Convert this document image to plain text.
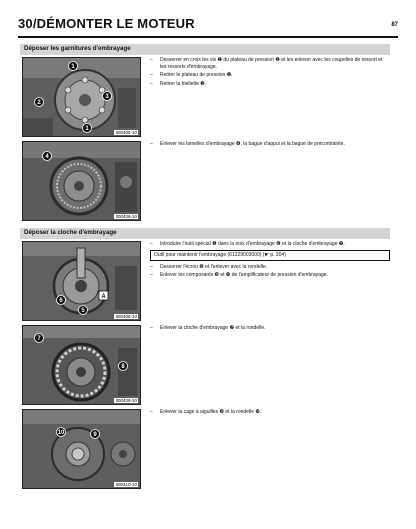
30/DÉMONTER LE MOTEUR	87
Déposer les garnitures d'embrayage
1
2
3
1
300405-10
– Desserrer en croix les vis ❶ du plateau de pression ❷ et les enlever avec les coupelles de ressort et les ressorts d'embrayage.
– Retirer le plateau de pression ❷.
– Retirer la biellette ❸.
4
300406-10
– Enlever les lamelles d'embrayage ❹, la bague d'appui et la bague de précontrainte.
Déposer la cloche d'embrayage
6
5
A
300408-10
– Introduire l'outil spécial ❺ dans la noix d'embrayage ❻ et la cloche d'embrayage ❼.
Outil pour maintenir l'embrayage (61229003000) (☛ p. 204)
– Desserrer l'écrou ❽ et l'enlever avec la rondelle.
– Enlever les composants ❾ et ❿ de l'amplificateur de pression d'embrayage.
7
8
300409-10
– Enlever la cloche d'embrayage ❼ et la rondelle.
10	9
300410-10
– Enlever la cage à aiguilles ❾ et la rondelle ❿.
